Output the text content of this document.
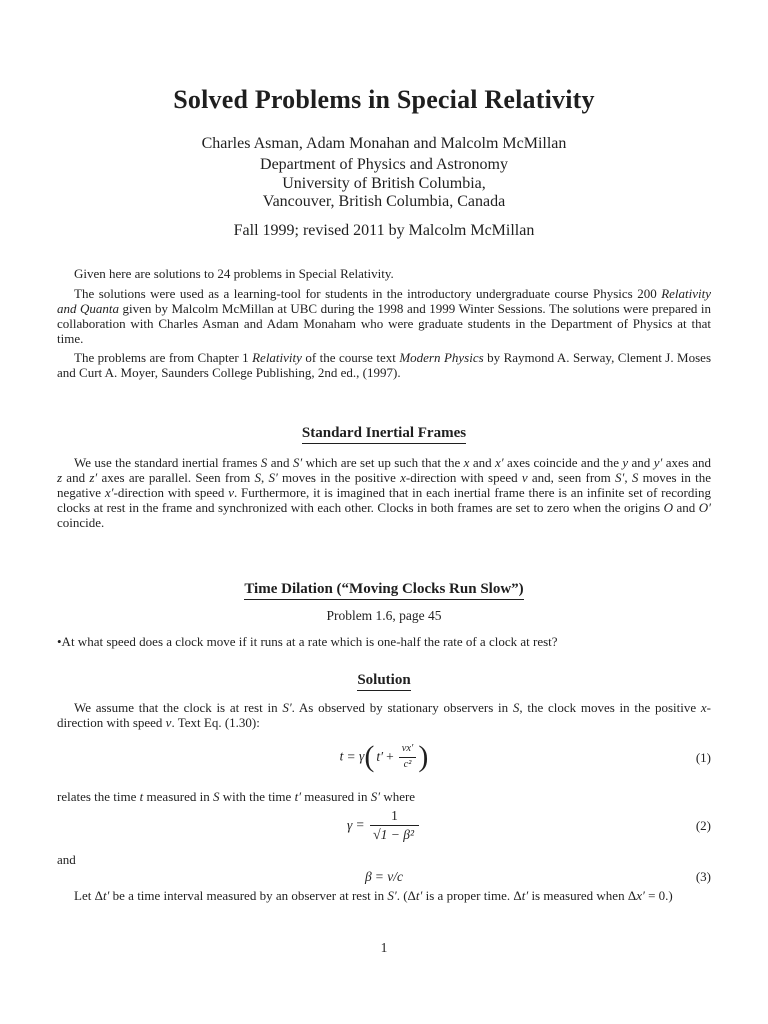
Solved Problems in Special Relativity
Charles Asman, Adam Monahan and Malcolm McMillan
Department of Physics and Astronomy
University of British Columbia,
Vancouver, British Columbia, Canada
Fall 1999; revised 2011 by Malcolm McMillan

Given here are solutions to 24 problems in Special Relativity.

The solutions were used as a learning-tool for students in the introductory undergraduate course Physics 200 Relativity and Quanta given by Malcolm McMillan at UBC during the 1998 and 1999 Winter Sessions. The solutions were prepared in collaboration with Charles Asman and Adam Monaham who were graduate students in the Department of Physics at that time.

The problems are from Chapter 1 Relativity of the course text Modern Physics by Raymond A. Serway, Clement J. Moses and Curt A. Moyer, Saunders College Publishing, 2nd ed., (1997).

Standard Inertial Frames

We use the standard inertial frames S and S′ which are set up such that the x and x′ axes coincide and the y and y′ axes and z and z′ axes are parallel. Seen from S, S′ moves in the positive x-direction with speed v and, seen from S′, S moves in the negative x′-direction with speed v. Furthermore, it is imagined that in each inertial frame there is an infinite set of recording clocks at rest in the frame and synchronized with each other. Clocks in both frames are set to zero when the origins O and O′ coincide.

Time Dilation (“Moving Clocks Run Slow”)
Problem 1.6, page 45

•At what speed does a clock move if it runs at a rate which is one-half the rate of a clock at rest?

Solution

We assume that the clock is at rest in S′. As observed by stationary observers in S, the clock moves in the positive x-direction with speed v. Text Eq. (1.30):

t = γ( $t' + \frac{vx'}{\text{c²}}$ )	(1)

relates the time t measured in S with the time t′ measured in S′ where

$\gamma = \frac{1}{\text{√1 − β²}}$	(2)

and

β = v/c	(3)

Let Δt′ be a time interval measured by an observer at rest in S′. (Δt′ is a proper time. Δt′ is measured when Δx′ = 0.)

1
